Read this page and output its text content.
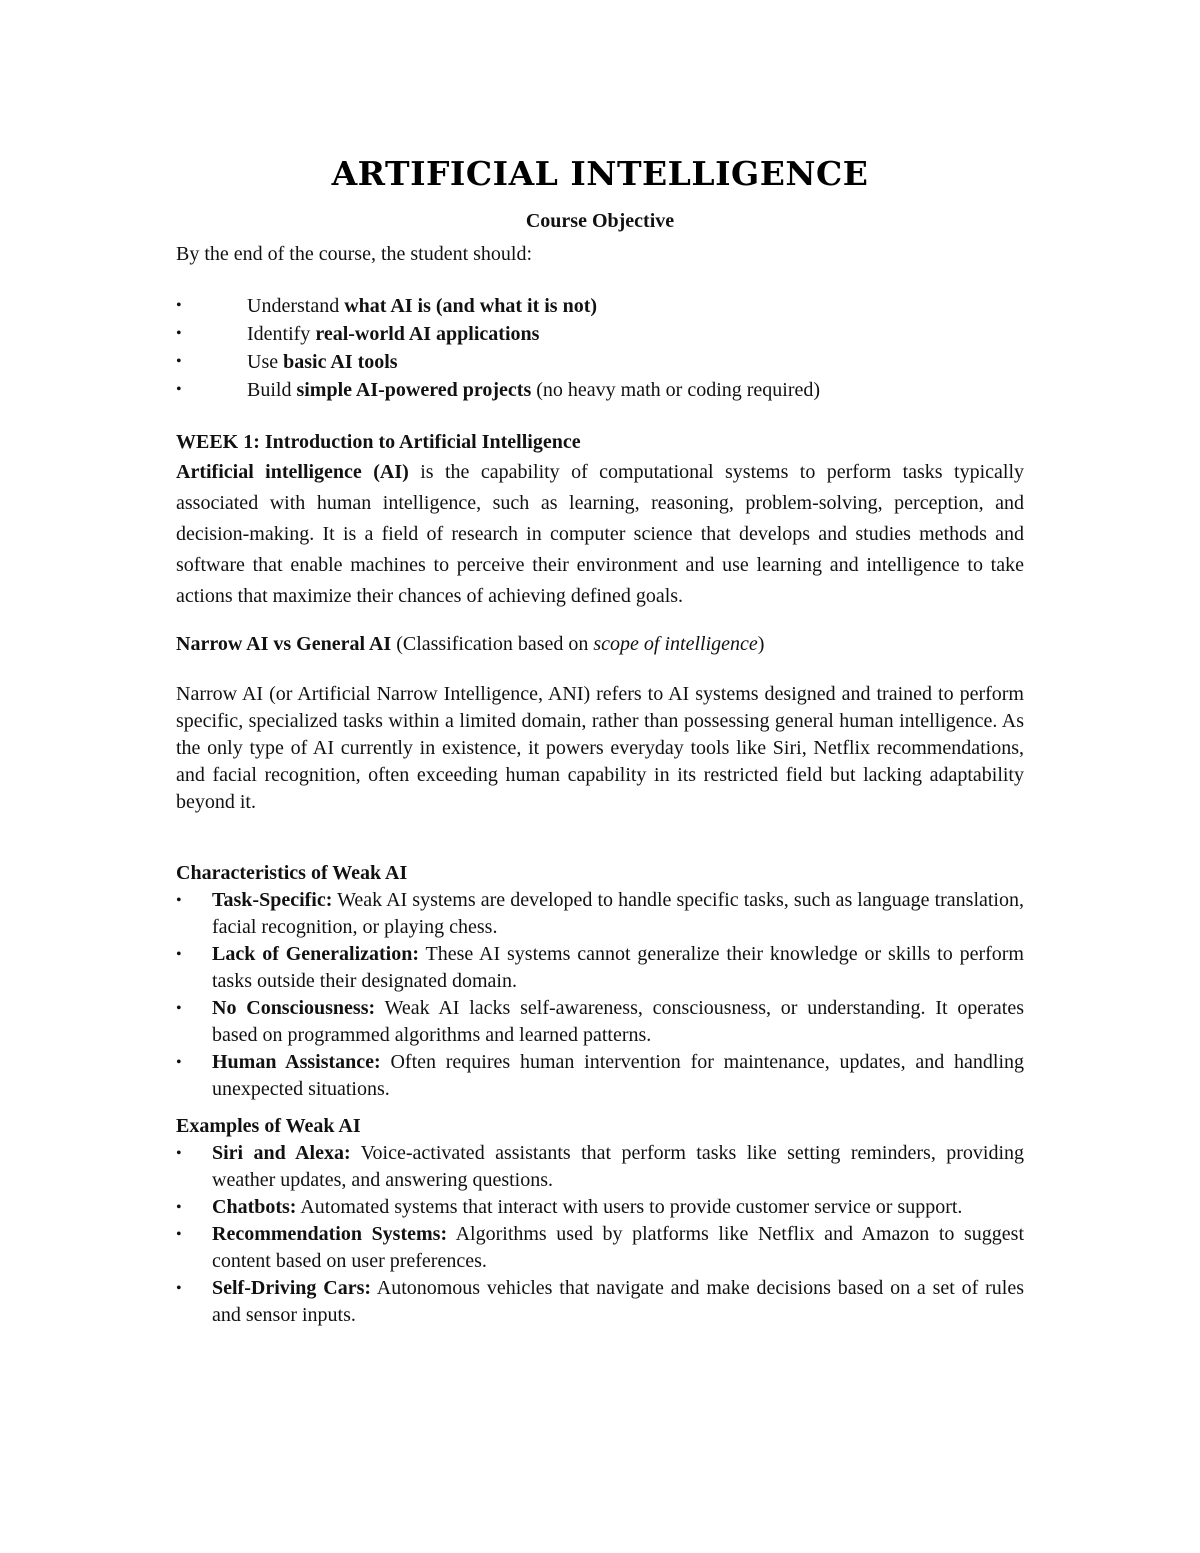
ARTIFICIAL INTELLIGENCE

Course Objective

By the end of the course, the student should:

•	Understand what AI is (and what it is not)
•	Identify real-world AI applications
•	Use basic AI tools
•	Build simple AI-powered projects (no heavy math or coding required)

WEEK 1: Introduction to Artificial Intelligence

Artificial intelligence (AI) is the capability of computational systems to perform tasks typically associated with human intelligence, such as learning, reasoning, problem-solving, perception, and decision-making. It is a field of research in computer science that develops and studies methods and software that enable machines to perceive their environment and use learning and intelligence to take actions that maximize their chances of achieving defined goals.

Narrow AI vs General AI (Classification based on scope of intelligence)

Narrow AI (or Artificial Narrow Intelligence, ANI) refers to AI systems designed and trained to perform specific, specialized tasks within a limited domain, rather than possessing general human intelligence. As the only type of AI currently in existence, it powers everyday tools like Siri, Netflix recommendations, and facial recognition, often exceeding human capability in its restricted field but lacking adaptability beyond it.

Characteristics of Weak AI

•	Task-Specific: Weak AI systems are developed to handle specific tasks, such as language translation, facial recognition, or playing chess.
•	Lack of Generalization: These AI systems cannot generalize their knowledge or skills to perform tasks outside their designated domain.
•	No Consciousness: Weak AI lacks self-awareness, consciousness, or understanding. It operates based on programmed algorithms and learned patterns.
•	Human Assistance: Often requires human intervention for maintenance, updates, and handling unexpected situations.

Examples of Weak AI

•	Siri and Alexa: Voice-activated assistants that perform tasks like setting reminders, providing weather updates, and answering questions.
•	Chatbots: Automated systems that interact with users to provide customer service or support.
•	Recommendation Systems: Algorithms used by platforms like Netflix and Amazon to suggest content based on user preferences.
•	Self-Driving Cars: Autonomous vehicles that navigate and make decisions based on a set of rules and sensor inputs.
